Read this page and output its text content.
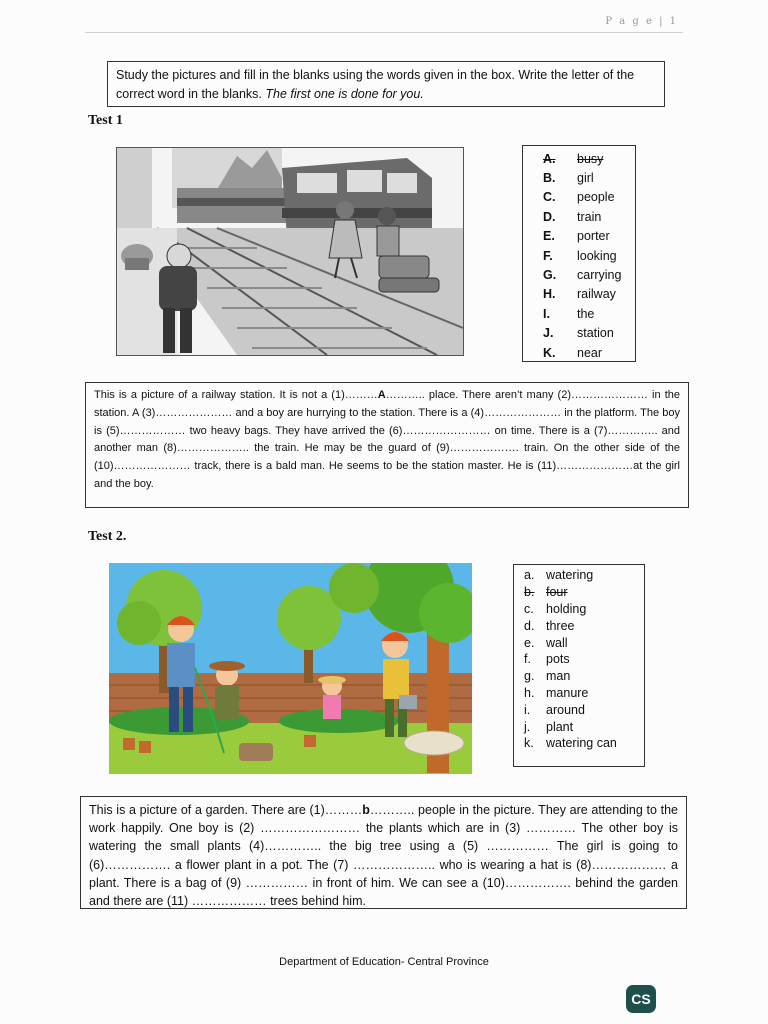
P a g e | 1
Study the pictures and fill in the blanks using the words given in the box. Write the letter of the correct word in the blanks. The first one is done for you.
Test 1
A.	busy
B.	girl
C.	people
D.	train
E.	porter
F.	looking
G.	carrying
H.	railway
I.	the
J.	station
K.	near
This is a picture of a railway station. It is not a (1)………A……….. place. There aren’t many (2)………………… in the station. A (3)………………… and a boy are hurrying to the station. There is a (4)………………… in the platform. The boy is (5)……………… two heavy bags. They have arrived the (6)…………………… on time. There is a (7)………….. and another man (8)……………….. the train. He may be the guard of (9)………………. train. On the other side of the (10)………………… track, there is a bald man. He seems to be the station master. He is (11)…………………at the girl and the boy.
Test 2.
a. watering
b. four
c. holding
d. three
e. wall
f.	pots
g. man
h. manure
i.	around
j.	plant
k. watering can
This is a picture of a garden. There are (1)………b……….. people in the picture. They are attending to the work happily. One boy is (2) …………………… the plants which are in (3) ………… The other boy is watering the small plants (4)………….. the big tree using a (5) …………… The girl is going to (6)……………. a flower plant in a pot. The (7) ……………….. who is wearing a hat is (8)……………… a plant. There is a bag of (9) …………… in front of him. We can see a (10)……………. behind the garden and there are (11) ……………… trees behind him.
Department of Education- Central Province
CS
